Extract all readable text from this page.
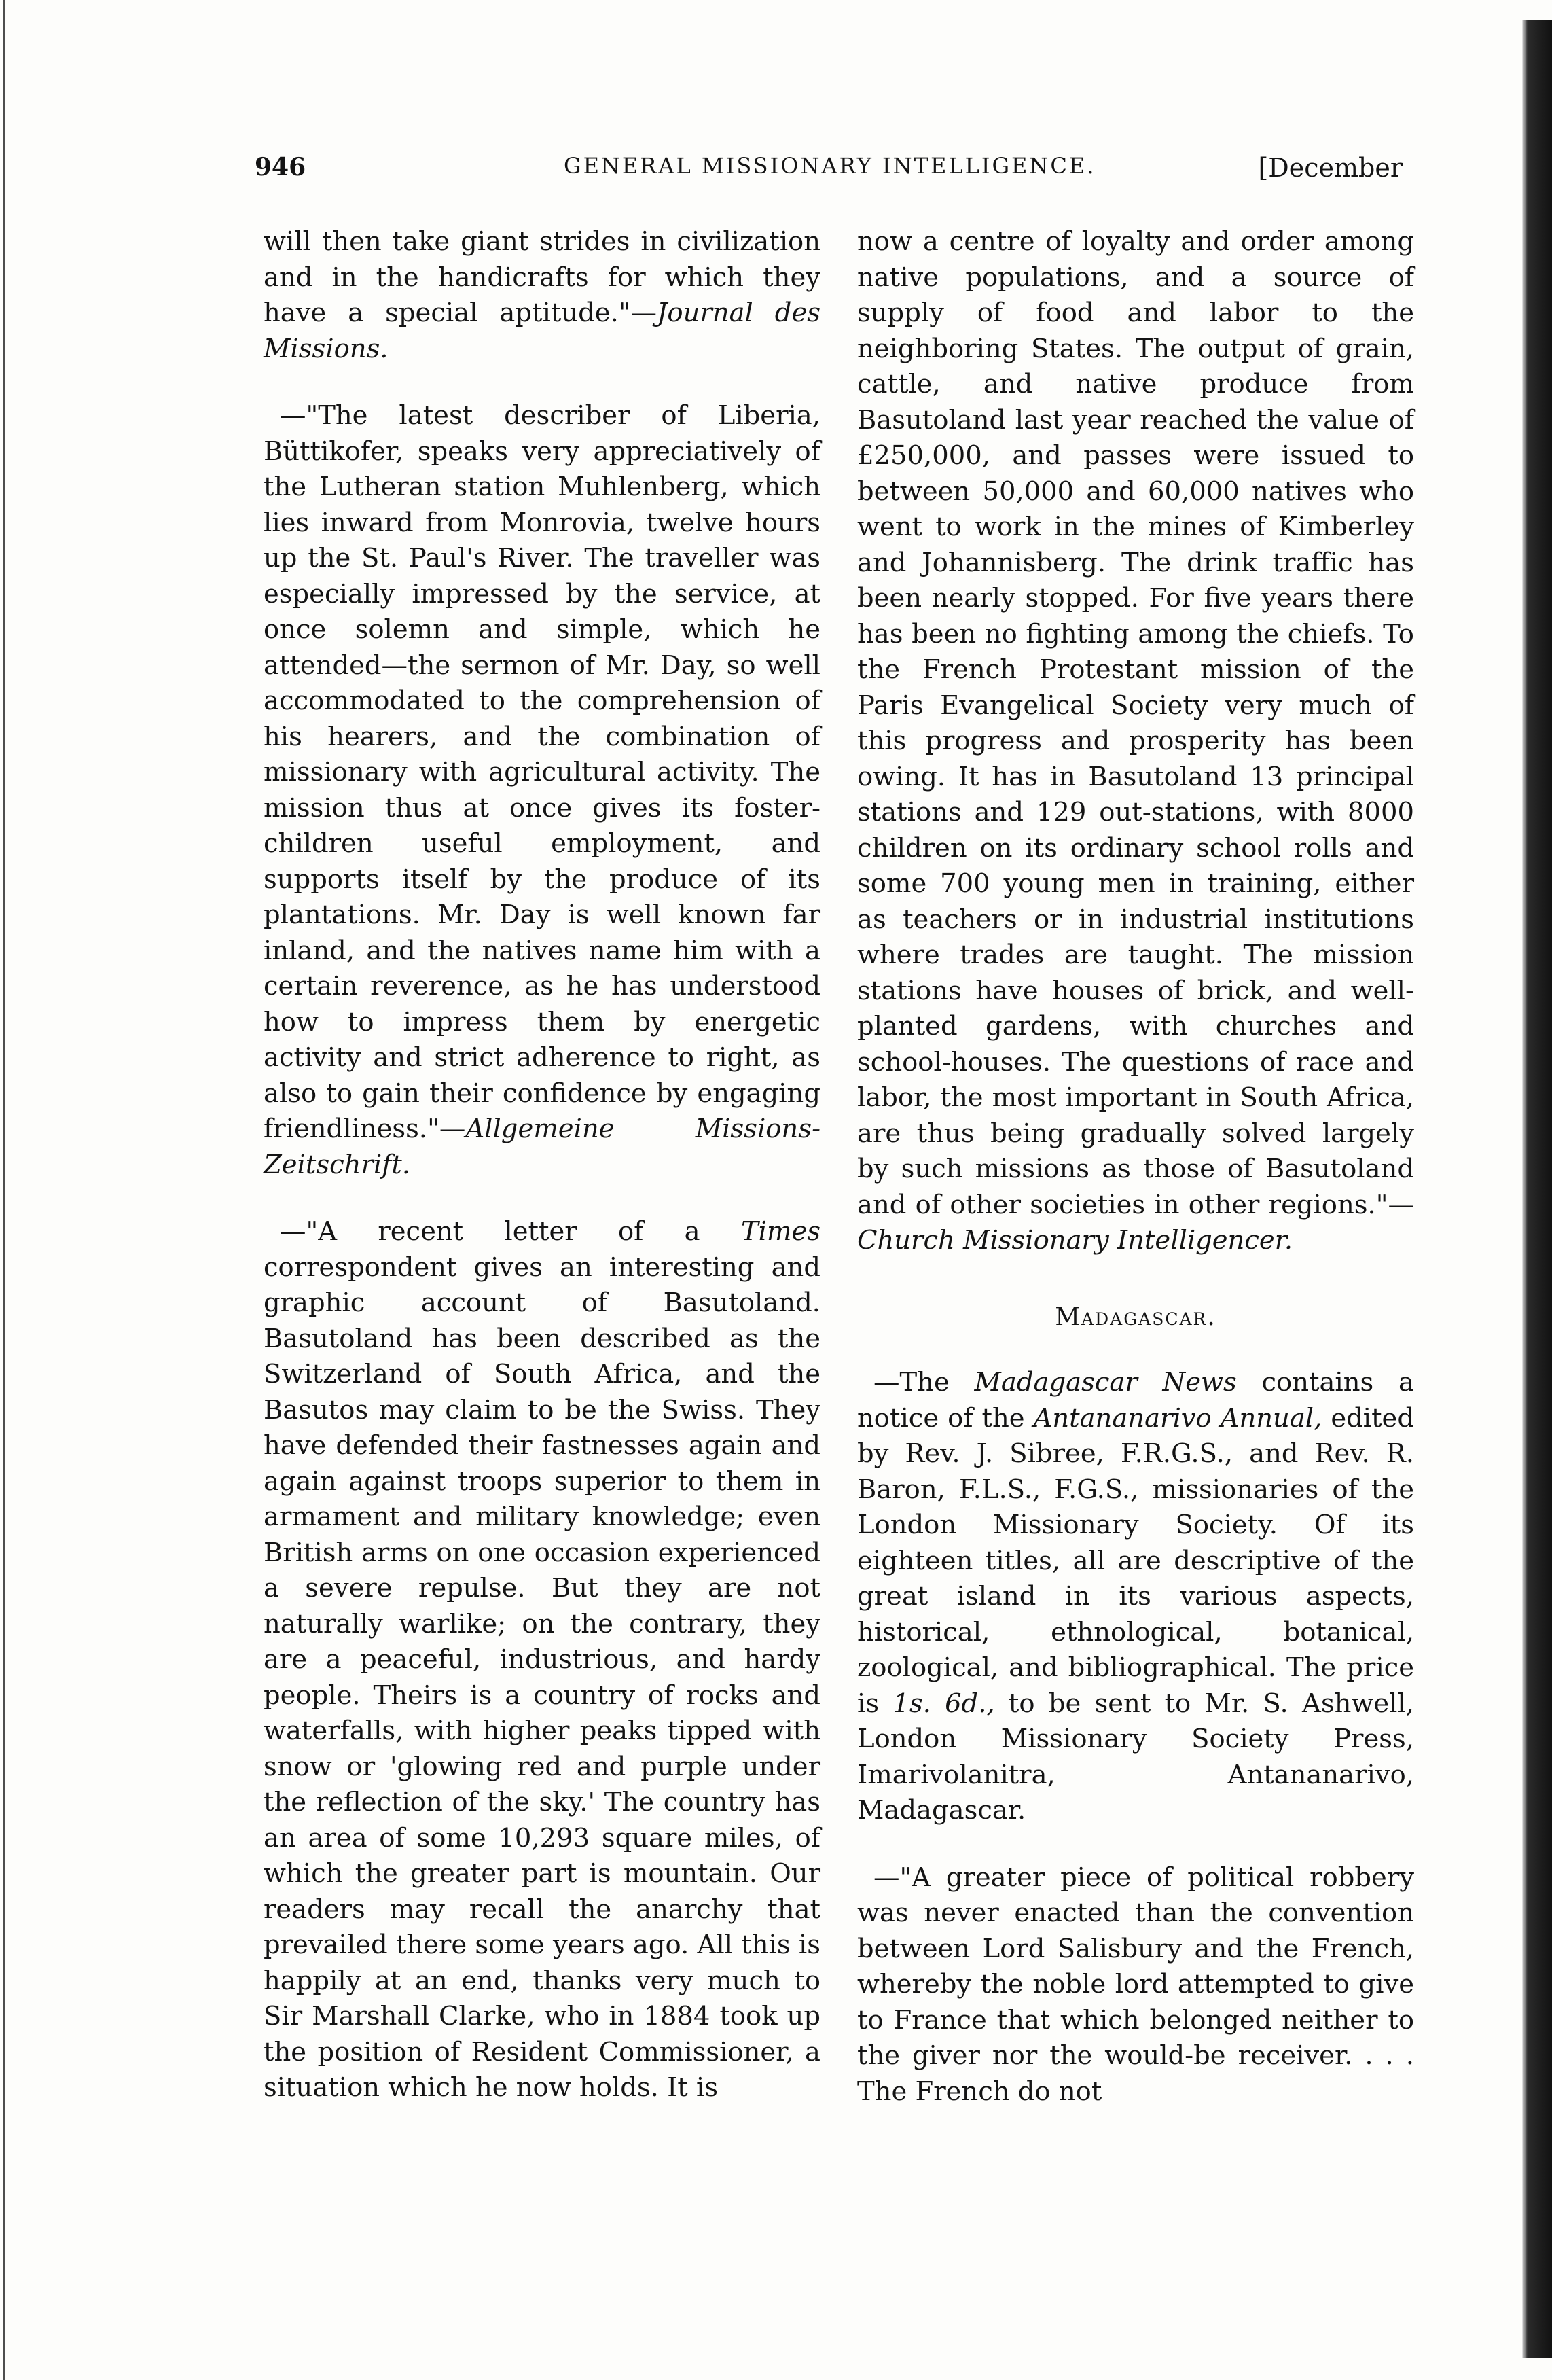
946	GENERAL MISSIONARY INTELLIGENCE.	[December

will then take giant strides in civilization and in the handicrafts for which they have a special aptitude."—Journal des Missions.

—"The latest describer of Liberia, Büttikofer, speaks very appreciatively of the Lutheran station Muhlenberg, which lies inward from Monrovia, twelve hours up the St. Paul's River. The traveller was especially impressed by the service, at once solemn and simple, which he attended—the sermon of Mr. Day, so well accommodated to the comprehension of his hearers, and the combination of missionary with agricultural activity. The mission thus at once gives its foster-children useful employment, and supports itself by the produce of its plantations. Mr. Day is well known far inland, and the natives name him with a certain reverence, as he has understood how to impress them by energetic activity and strict adherence to right, as also to gain their confidence by engaging friendliness."—Allgemeine Missions-Zeitschrift.

—"A recent letter of a Times correspondent gives an interesting and graphic account of Basutoland. Basutoland has been described as the Switzerland of South Africa, and the Basutos may claim to be the Swiss. They have defended their fastnesses again and again against troops superior to them in armament and military knowledge; even British arms on one occasion experienced a severe repulse. But they are not naturally warlike; on the contrary, they are a peaceful, industrious, and hardy people. Theirs is a country of rocks and waterfalls, with higher peaks tipped with snow or 'glowing red and purple under the reflection of the sky.' The country has an area of some 10,293 square miles, of which the greater part is mountain. Our readers may recall the anarchy that prevailed there some years ago. All this is happily at an end, thanks very much to Sir Marshall Clarke, who in 1884 took up the position of Resident Commissioner, a situation which he now holds. It is

now a centre of loyalty and order among native populations, and a source of supply of food and labor to the neighboring States. The output of grain, cattle, and native produce from Basutoland last year reached the value of £250,000, and passes were issued to between 50,000 and 60,000 natives who went to work in the mines of Kimberley and Johannisberg. The drink traffic has been nearly stopped. For five years there has been no fighting among the chiefs. To the French Protestant mission of the Paris Evangelical Society very much of this progress and prosperity has been owing. It has in Basutoland 13 principal stations and 129 out-stations, with 8000 children on its ordinary school rolls and some 700 young men in training, either as teachers or in industrial institutions where trades are taught. The mission stations have houses of brick, and well-planted gardens, with churches and school-houses. The questions of race and labor, the most important in South Africa, are thus being gradually solved largely by such missions as those of Basutoland and of other societies in other regions."—Church Missionary Intelligencer.

Madagascar.

—The Madagascar News contains a notice of the Antananarivo Annual, edited by Rev. J. Sibree, F.R.G.S., and Rev. R. Baron, F.L.S., F.G.S., missionaries of the London Missionary Society. Of its eighteen titles, all are descriptive of the great island in its various aspects, historical, ethnological, botanical, zoological, and bibliographical. The price is 1s. 6d., to be sent to Mr. S. Ashwell, London Missionary Society Press, Imarivolanitra, Antananarivo, Madagascar.

—"A greater piece of political robbery was never enacted than the convention between Lord Salisbury and the French, whereby the noble lord attempted to give to France that which belonged neither to the giver nor the would-be receiver. . . . The French do not
